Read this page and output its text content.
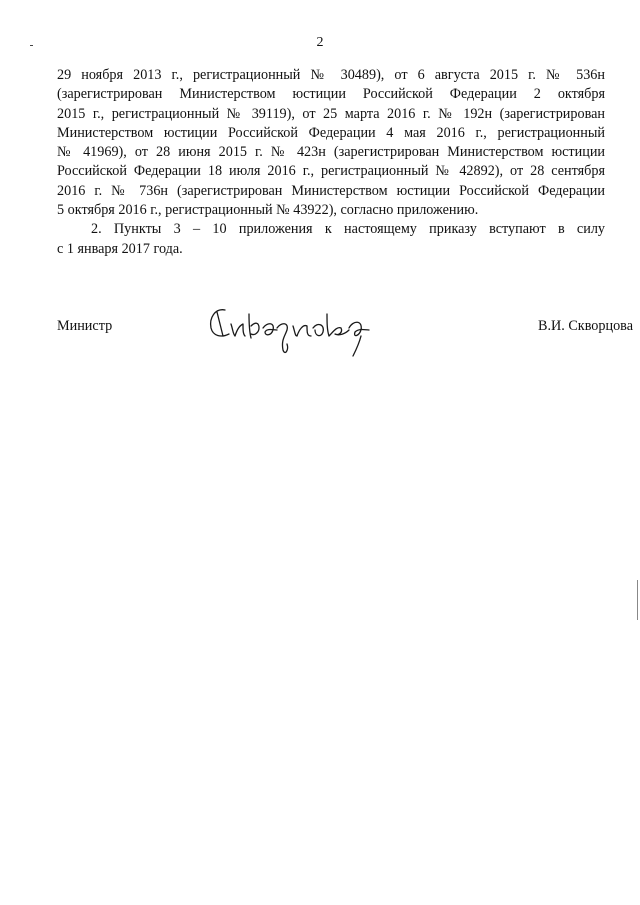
2
29 ноября 2013 г., регистрационный № 30489), от 6 августа 2015 г. № 536н
(зарегистрирован Министерством юстиции Российской Федерации 2 октября
2015 г., регистрационный № 39119), от 25 марта 2016 г. № 192н (зарегистрирован
Министерством юстиции Российской Федерации 4 мая 2016 г., регистрационный
№ 41969), от 28 июня 2015 г. № 423н (зарегистрирован Министерством юстиции
Российской Федерации 18 июля 2016 г., регистрационный № 42892), от 28 сентября
2016 г. № 736н (зарегистрирован Министерством юстиции Российской Федерации
5 октября 2016 г., регистрационный № 43922), согласно приложению.
2. Пункты 3 – 10 приложения к настоящему приказу вступают в силу
с 1 января 2017 года.
Министр	В.И. Скворцова
